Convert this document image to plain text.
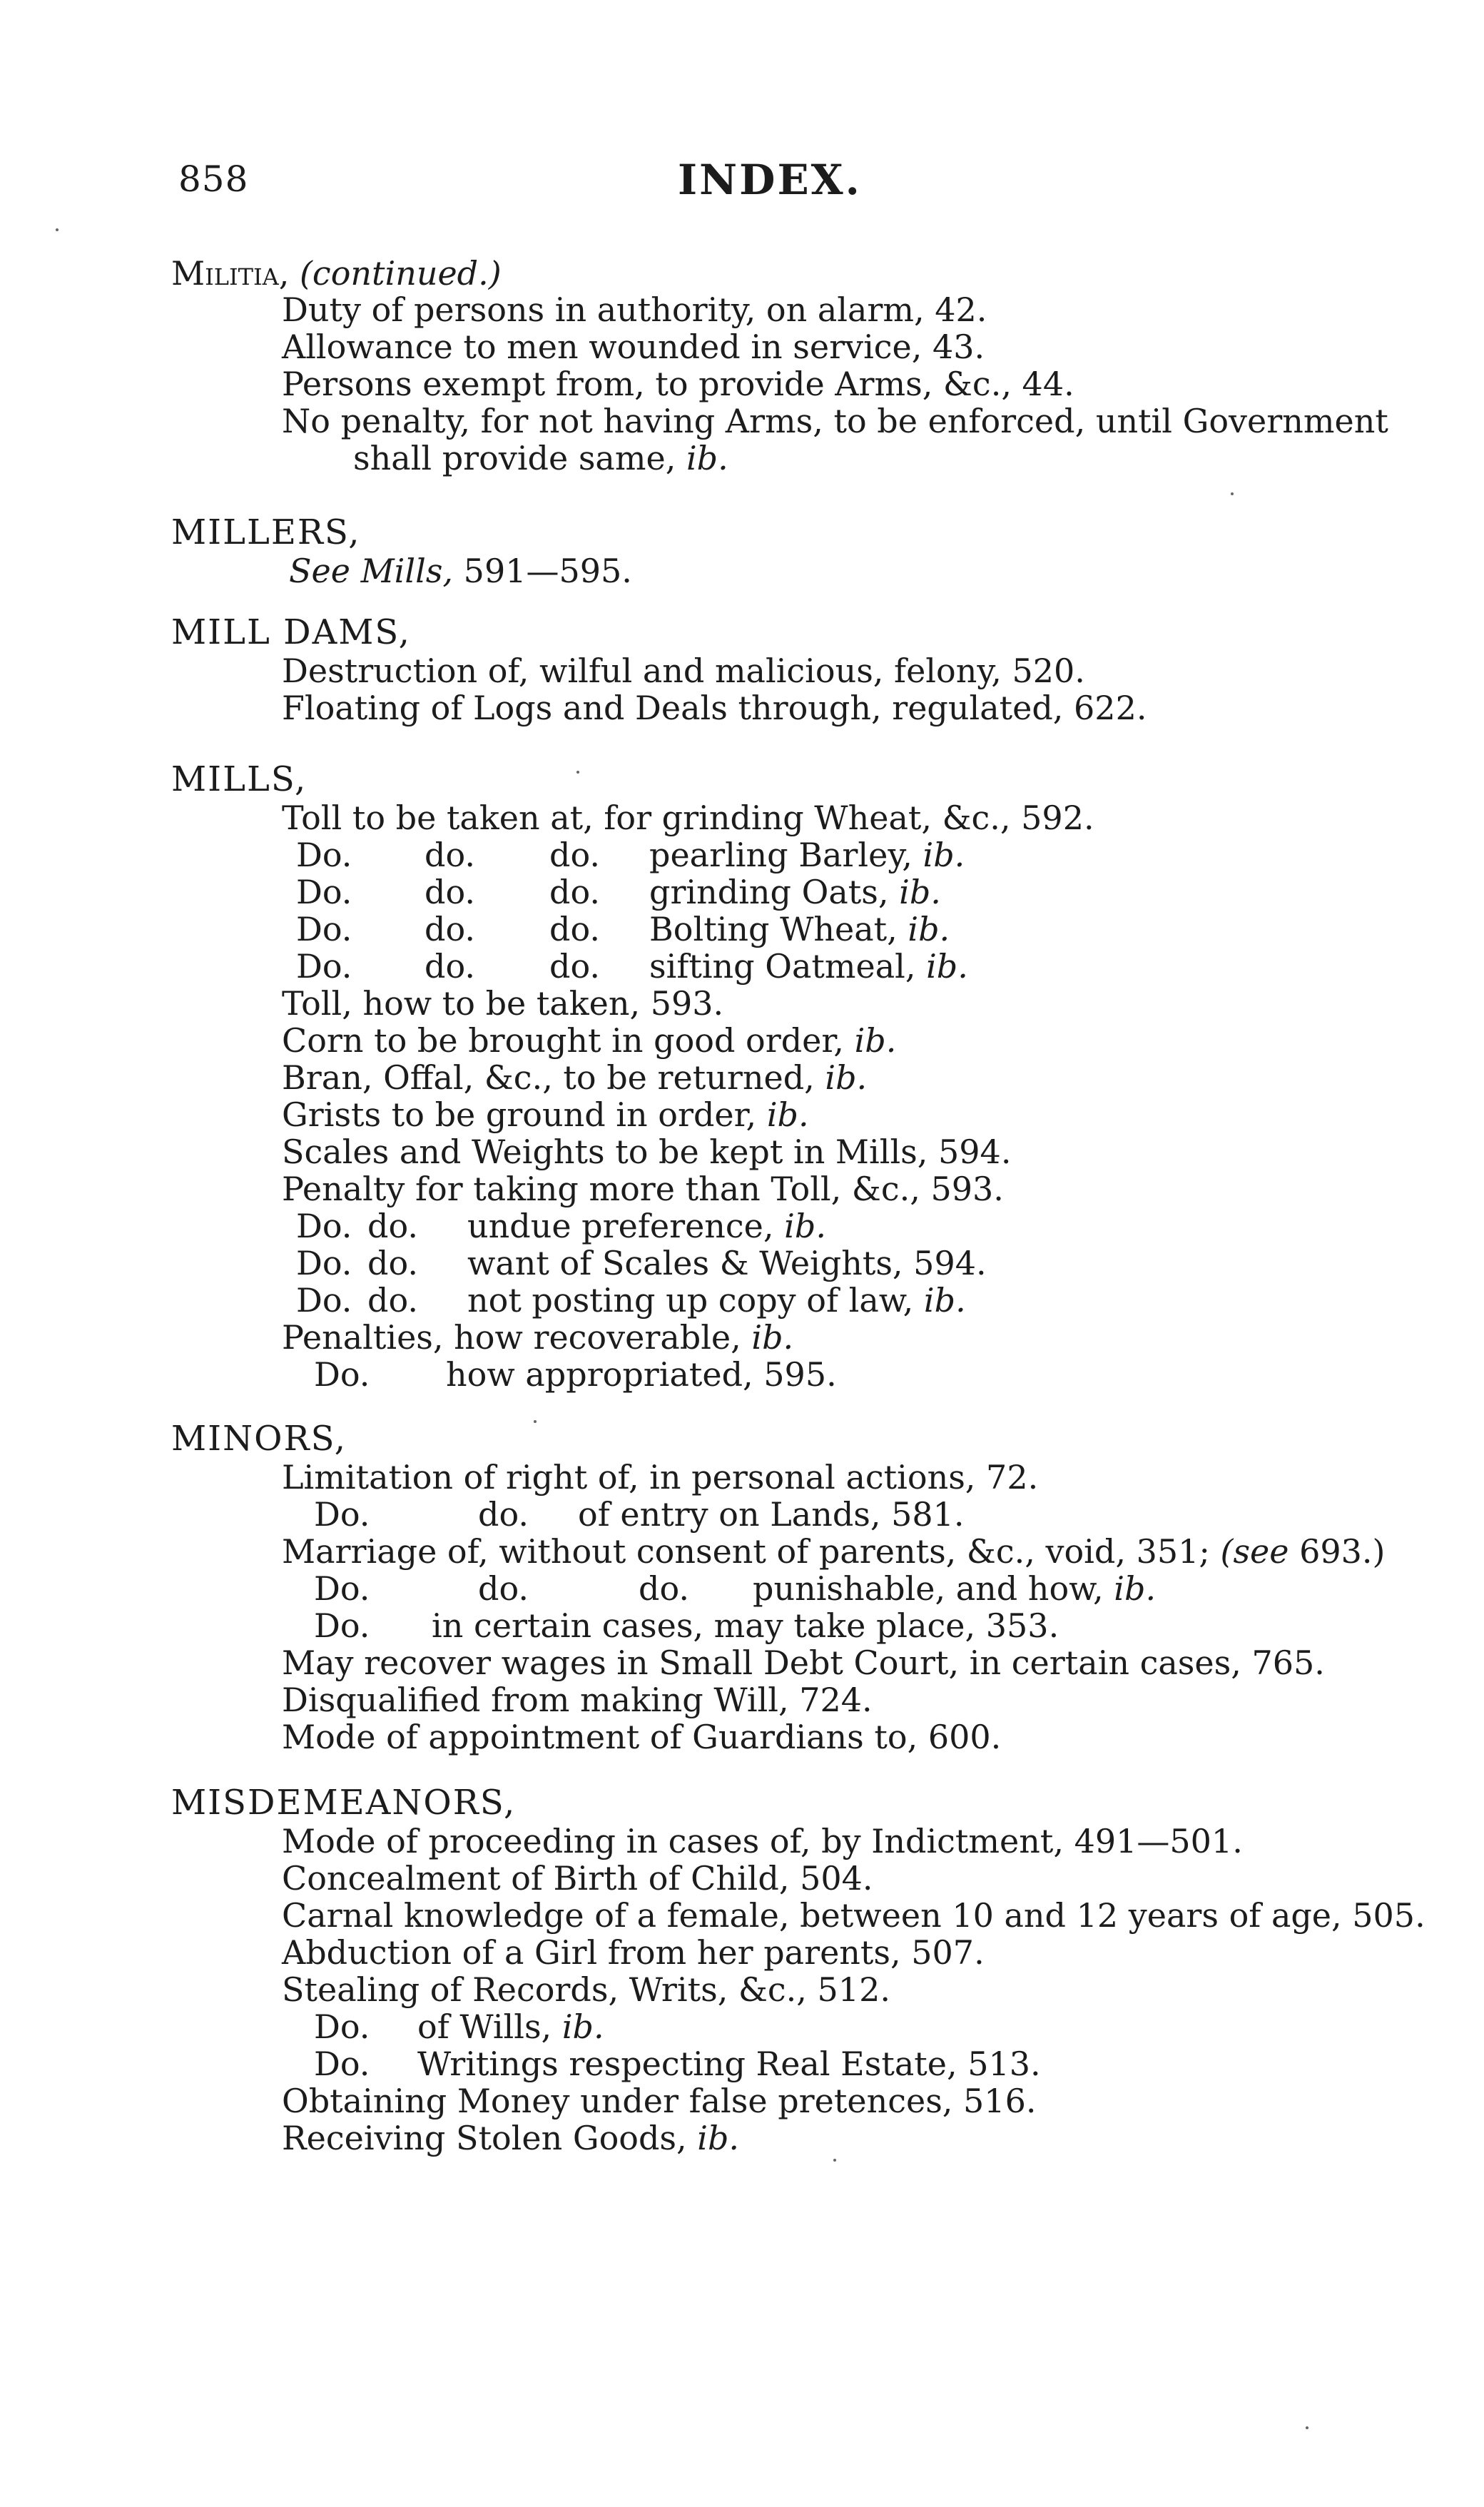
858	INDEX.
Militia, (continued.)
Duty of persons in authority, on alarm, 42.
Allowance to men wounded in service, 43.
Persons exempt from, to provide Arms, &c., 44.
No penalty, for not having Arms, to be enforced, until Government
shall provide same, ib.
MILLERS,
See Mills, 591—595.
MILL DAMS,
Destruction of, wilful and malicious, felony, 520.
Floating of Logs and Deals through, regulated, 622.
MILLS,
Toll to be taken at, for grinding Wheat, &c., 592.
Do. do. do. pearling Barley, ib.
Do. do. do. grinding Oats, ib.
Do. do. do. Bolting Wheat, ib.
Do. do. do. sifting Oatmeal, ib.
Toll, how to be taken, 593.
Corn to be brought in good order, ib.
Bran, Offal, &c., to be returned, ib.
Grists to be ground in order, ib.
Scales and Weights to be kept in Mills, 594.
Penalty for taking more than Toll, &c., 593.
Do. do. undue preference, ib.
Do. do. want of Scales & Weights, 594.
Do. do. not posting up copy of law, ib.
Penalties, how recoverable, ib.
Do. how appropriated, 595.
MINORS,
Limitation of right of, in personal actions, 72.
Do.	do. of entry on Lands, 581.
Marriage of, without consent of parents, &c., void, 351; (see 693.)
Do.	do.	do. punishable, and how, ib.
Do. in certain cases, may take place, 353.
May recover wages in Small Debt Court, in certain cases, 765.
Disqualified from making Will, 724.
Mode of appointment of Guardians to, 600.
MISDEMEANORS,
Mode of proceeding in cases of, by Indictment, 491—501.
Concealment of Birth of Child, 504.
Carnal knowledge of a female, between 10 and 12 years of age, 505.
Abduction of a Girl from her parents, 507.
Stealing of Records, Writs, &c., 512.
Do. of Wills, ib.
Do. Writings respecting Real Estate, 513.
Obtaining Money under false pretences, 516.
Receiving Stolen Goods, ib.
